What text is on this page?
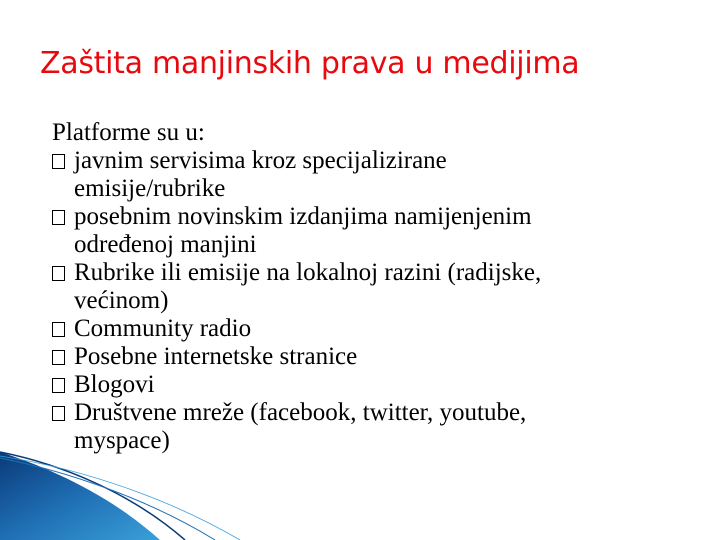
Zaštita manjinskih prava u medijima
Platforme su u:
javnim servisima kroz specijalizirane
emisije/rubrike
posebnim novinskim izdanjima namijenjenim
određenoj manjini
Rubrike ili emisije na lokalnoj razini (radijske,
većinom)
Community radio
Posebne internetske stranice
Blogovi
Društvene mreže (facebook, twitter, youtube,
myspace)
